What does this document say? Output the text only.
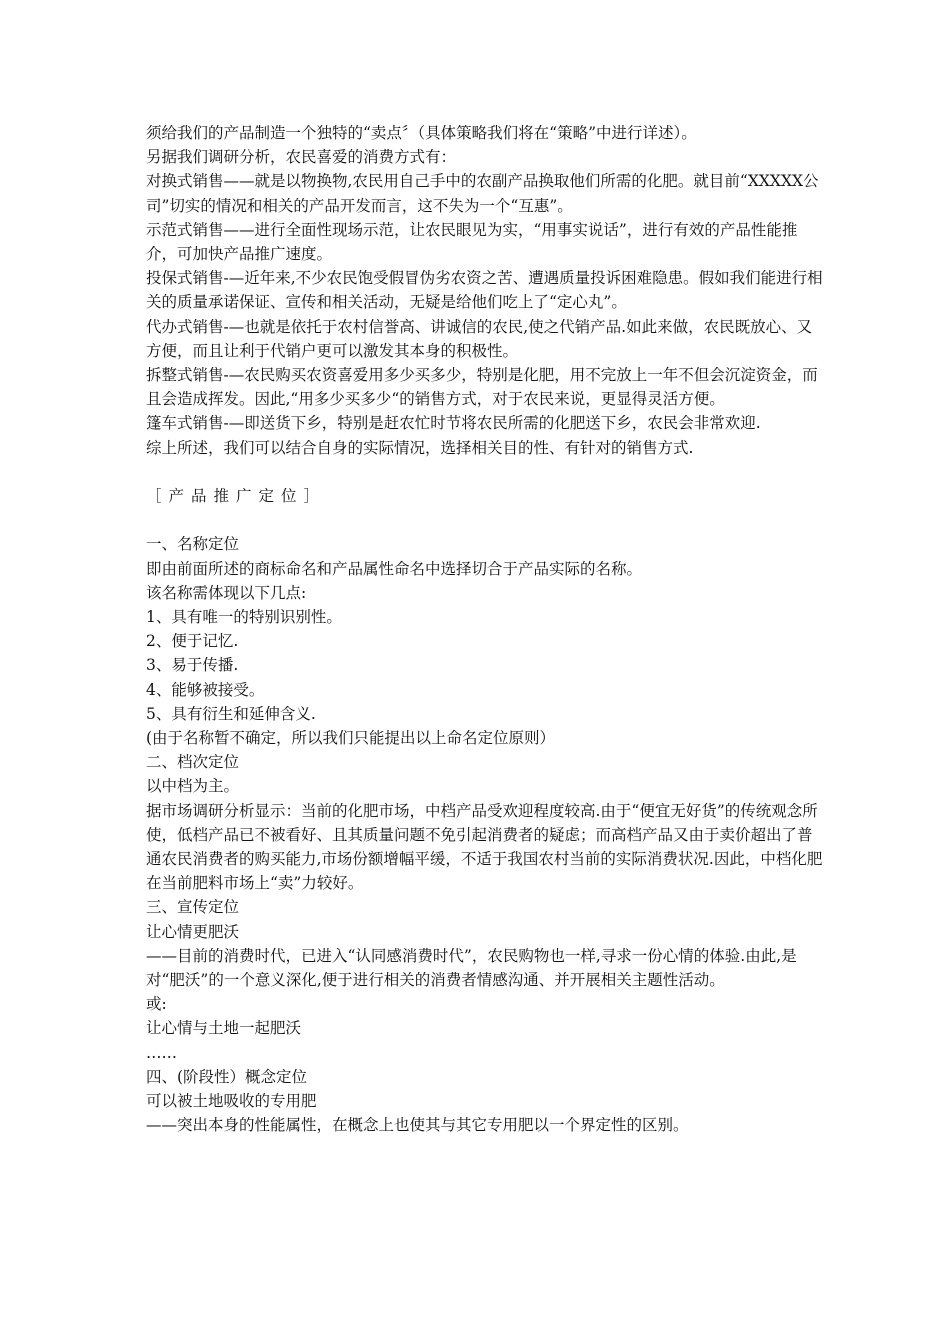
须给我们的产品制造一个独特的“卖点〞（具体策略我们将在“策略”中进行详述）。

另据我们调研分析，农民喜爱的消费方式有：

对换式销售——就是以物换物,农民用自己手中的农副产品换取他们所需的化肥。就目前“XXXXX公司”切实的情况和相关的产品开发而言，这不失为一个“互惠”。

示范式销售——进行全面性现场示范，让农民眼见为实，“用事实说话”，进行有效的产品性能推介，可加快产品推广速度。

投保式销售-—近年来,不少农民饱受假冒伪劣农资之苦、遭遇质量投诉困难隐患。假如我们能进行相关的质量承诺保证、宣传和相关活动，无疑是给他们吃上了“定心丸”。

代办式销售-—也就是依托于农村信誉高、讲诚信的农民,使之代销产品.如此来做，农民既放心、又方便，而且让利于代销户更可以激发其本身的积极性。

拆整式销售-—农民购买农资喜爱用多少买多少，特别是化肥，用不完放上一年不但会沉淀资金，而且会造成挥发。因此,“用多少买多少“的销售方式，对于农民来说，更显得灵活方便。

篷车式销售-—即送货下乡，特别是赶农忙时节将农民所需的化肥送下乡，农民会非常欢迎.

综上所述，我们可以结合自身的实际情况，选择相关目的性、有针对的销售方式.

［产品推广定位］

一、名称定位

即由前面所述的商标命名和产品属性命名中选择切合于产品实际的名称。

该名称需体现以下几点:

1、具有唯一的特别识别性。

2、便于记忆.

3、易于传播.

4、能够被接受。

5、具有衍生和延伸含义.

(由于名称暂不确定，所以我们只能提出以上命名定位原则）

二、档次定位

以中档为主。

据市场调研分析显示：当前的化肥市场，中档产品受欢迎程度较高.由于“便宜无好货”的传统观念所使，低档产品已不被看好、且其质量问题不免引起消费者的疑虑；而高档产品又由于卖价超出了普通农民消费者的购买能力,市场份额增幅平缓，不适于我国农村当前的实际消费状况.因此，中档化肥在当前肥料市场上“卖”力较好。

三、宣传定位

让心情更肥沃

——目前的消费时代，已进入“认同感消费时代”，农民购物也一样,寻求一份心情的体验.由此,是对“肥沃”的一个意义深化,便于进行相关的消费者情感沟通、并开展相关主题性活动。

或:

让心情与土地一起肥沃

……

四、(阶段性）概念定位

可以被土地吸收的专用肥

——突出本身的性能属性，在概念上也使其与其它专用肥以一个界定性的区别。
